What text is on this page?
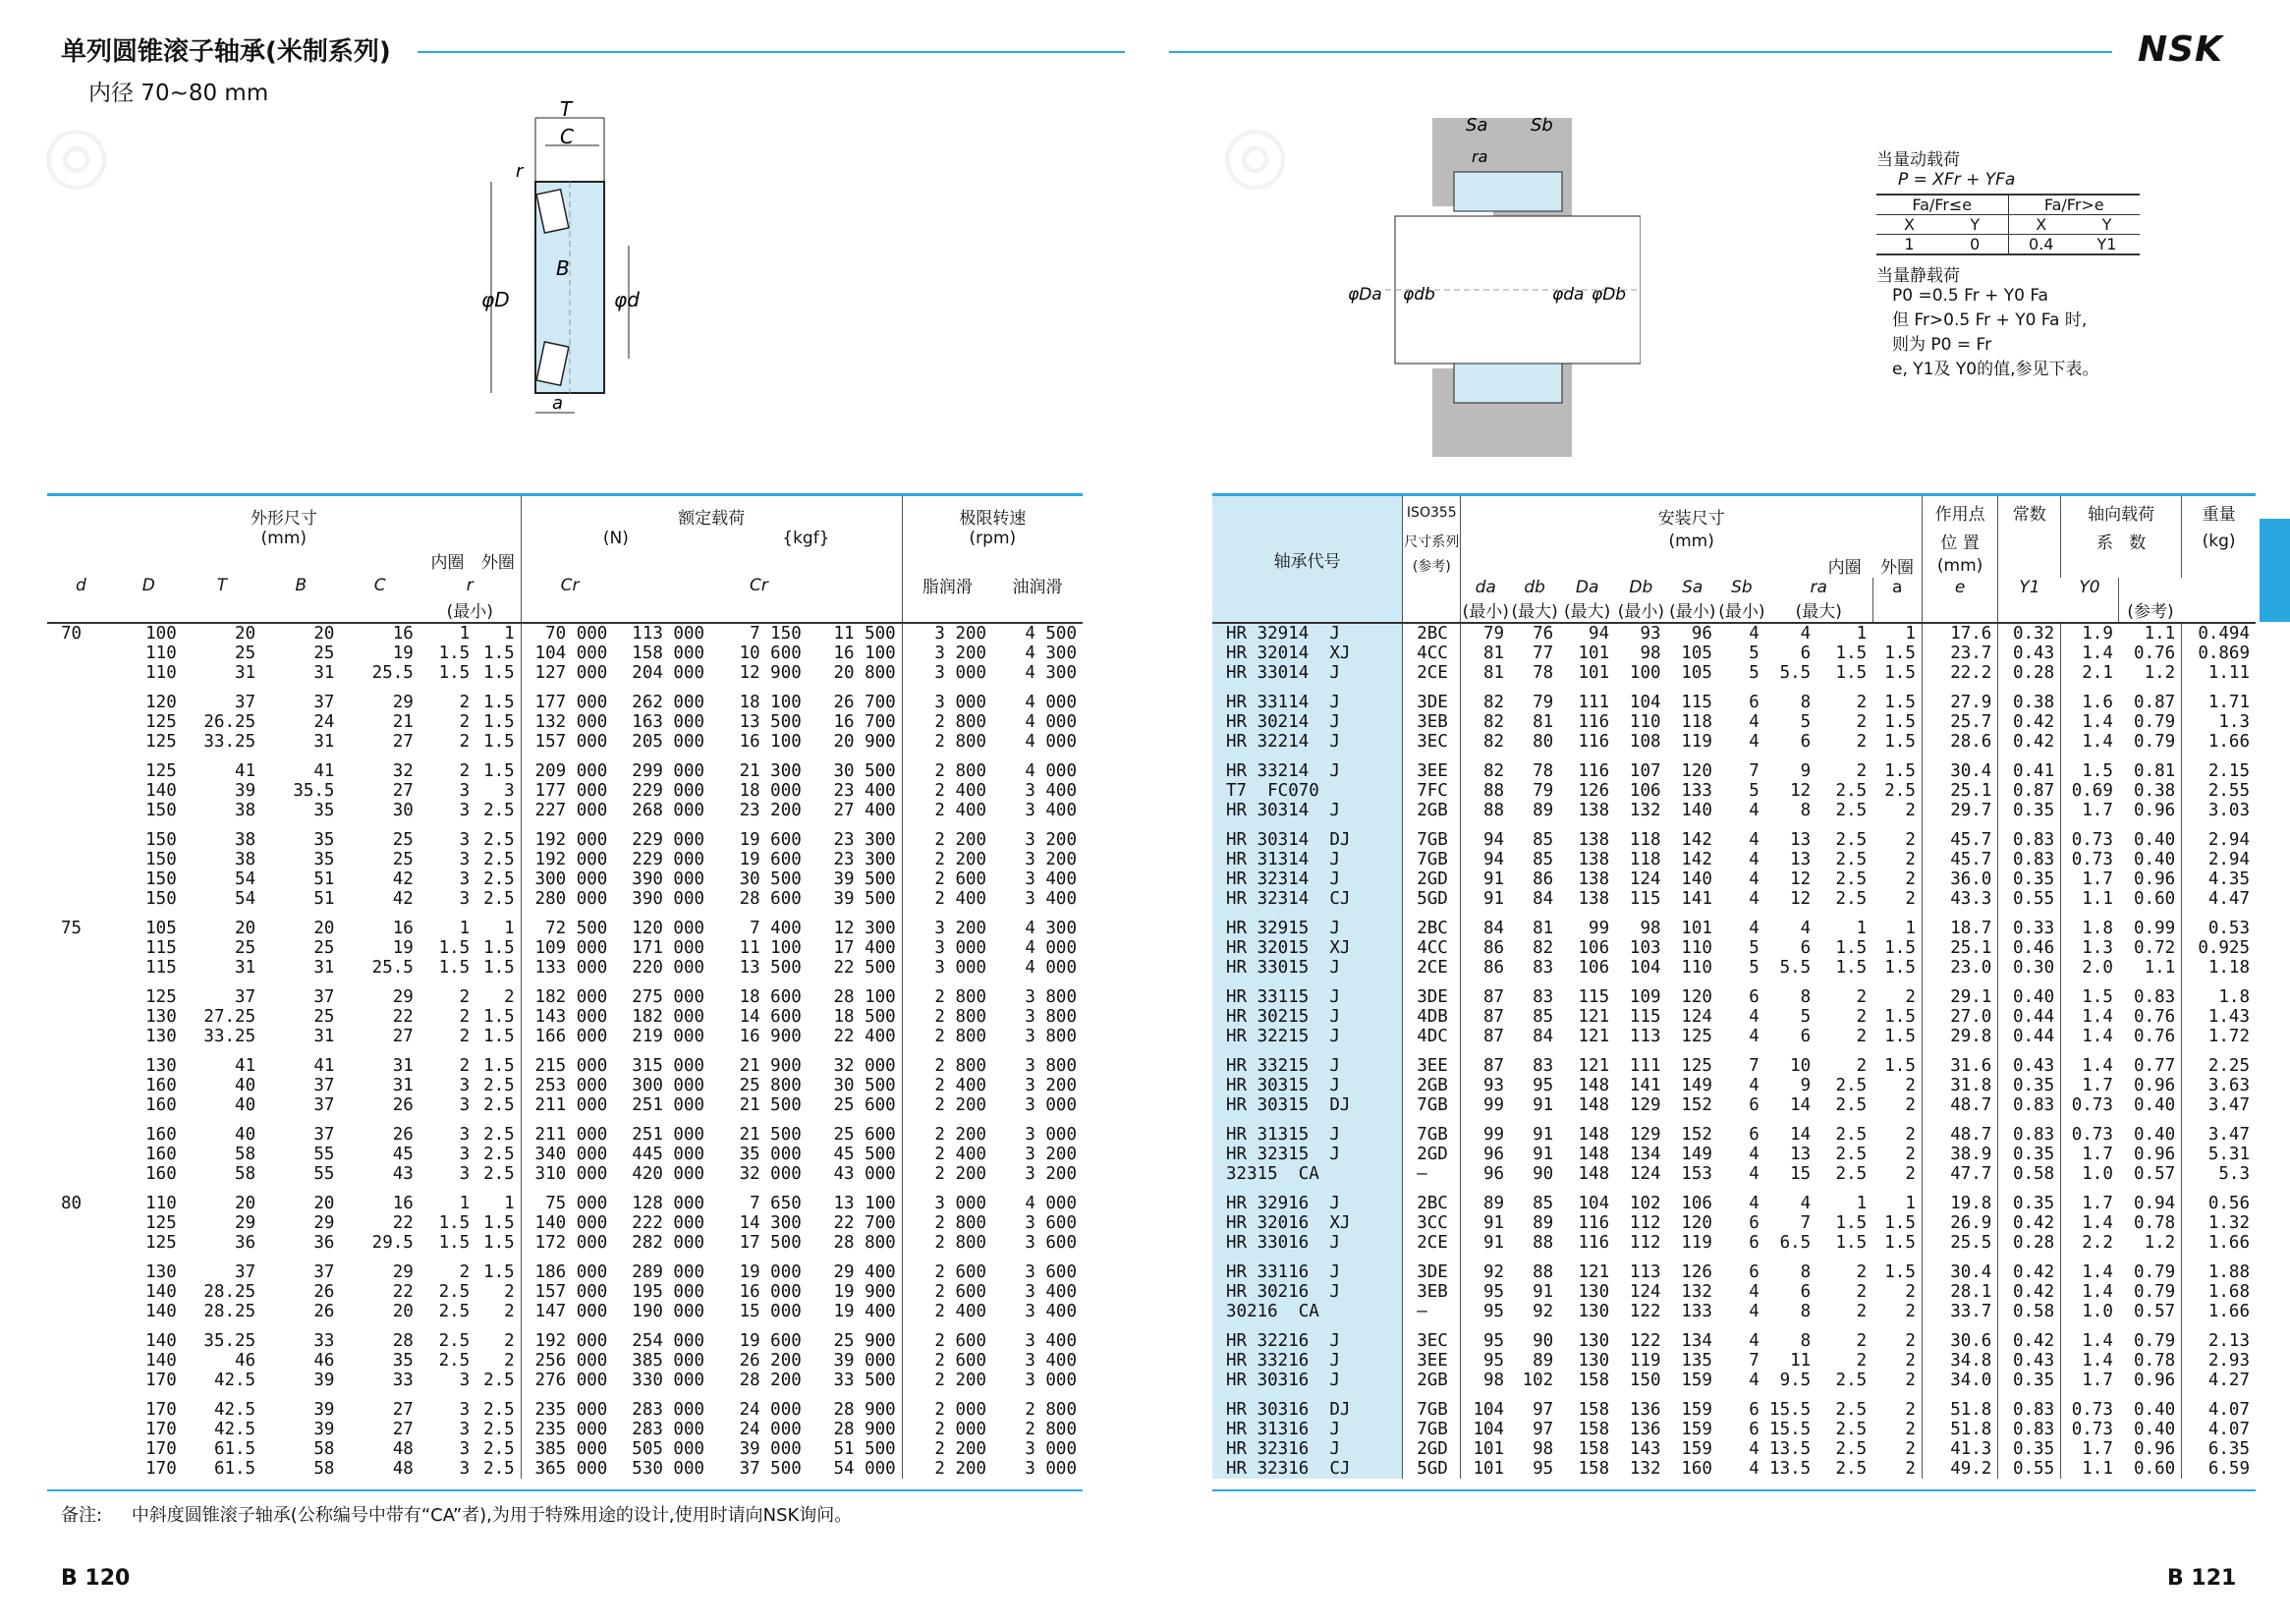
◎	◎
单列圆锥滚子轴承(米制系列)
内径 70~80 mm
NSK
T
C
r
B
φD	φd
a
Sa Sb
ra
φDa φdb	φda φDb
当量动载荷
P = XFr + YFa
Fa/Fr≤e		Fa/Fr>e	
X	Y	X	Y
1	0	0.4	Y1
当量静载荷
P0 =0.5 Fr + Y0 Fa
但 Fr>0.5 Fr + Y0 Fa 时,
则为 P0 = Fr
e, Y1及 Y0的值,参见下表。
外形尺寸							额定载荷				极限转速	
(mm)							(N)		{kgf}		(rpm)	
					内圈	外圈						
d	D	T	B	C	r		Cr		Cr		脂润滑	油润滑
					(最小)							
70	100	20	20	16	1	1	70 000	113 000	7 150	11 500	3 200	4 500
	110	25	25	19	1.5	1.5	104 000	158 000	10 600	16 100	3 200	4 300
	110	31	31	25.5	1.5	1.5	127 000	204 000	12 900	20 800	3 000	4 300

	120	37	37	29	2	1.5	177 000	262 000	18 100	26 700	3 000	4 000
	125	26.25	24	21	2	1.5	132 000	163 000	13 500	16 700	2 800	4 000
	125	33.25	31	27	2	1.5	157 000	205 000	16 100	20 900	2 800	4 000

	125	41	41	32	2	1.5	209 000	299 000	21 300	30 500	2 800	4 000
	140	39	35.5	27	3	3	177 000	229 000	18 000	23 400	2 400	3 400
	150	38	35	30	3	2.5	227 000	268 000	23 200	27 400	2 400	3 400

	150	38	35	25	3	2.5	192 000	229 000	19 600	23 300	2 200	3 200
	150	38	35	25	3	2.5	192 000	229 000	19 600	23 300	2 200	3 200
	150	54	51	42	3	2.5	300 000	390 000	30 500	39 500	2 600	3 400
	150	54	51	42	3	2.5	280 000	390 000	28 600	39 500	2 400	3 400

75	105	20	20	16	1	1	72 500	120 000	7 400	12 300	3 200	4 300
	115	25	25	19	1.5	1.5	109 000	171 000	11 100	17 400	3 000	4 000
	115	31	31	25.5	1.5	1.5	133 000	220 000	13 500	22 500	3 000	4 000

	125	37	37	29	2	2	182 000	275 000	18 600	28 100	2 800	3 800
	130	27.25	25	22	2	1.5	143 000	182 000	14 600	18 500	2 800	3 800
	130	33.25	31	27	2	1.5	166 000	219 000	16 900	22 400	2 800	3 800

	130	41	41	31	2	1.5	215 000	315 000	21 900	32 000	2 800	3 800
	160	40	37	31	3	2.5	253 000	300 000	25 800	30 500	2 400	3 200
	160	40	37	26	3	2.5	211 000	251 000	21 500	25 600	2 200	3 000

	160	40	37	26	3	2.5	211 000	251 000	21 500	25 600	2 200	3 000
	160	58	55	45	3	2.5	340 000	445 000	35 000	45 500	2 400	3 200
	160	58	55	43	3	2.5	310 000	420 000	32 000	43 000	2 200	3 200

80	110	20	20	16	1	1	75 000	128 000	7 650	13 100	3 000	4 000
	125	29	29	22	1.5	1.5	140 000	222 000	14 300	22 700	2 800	3 600
	125	36	36	29.5	1.5	1.5	172 000	282 000	17 500	28 800	2 800	3 600

	130	37	37	29	2	1.5	186 000	289 000	19 000	29 400	2 600	3 600
	140	28.25	26	22	2.5	2	157 000	195 000	16 000	19 900	2 600	3 400
	140	28.25	26	20	2.5	2	147 000	190 000	15 000	19 400	2 400	3 400

	140	35.25	33	28	2.5	2	192 000	254 000	19 600	25 900	2 600	3 400
	140	46	46	35	2.5	2	256 000	385 000	26 200	39 000	2 600	3 400
	170	42.5	39	33	3	2.5	276 000	330 000	28 200	33 500	2 200	3 000

	170	42.5	39	27	3	2.5	235 000	283 000	24 000	28 900	2 000	2 800
	170	42.5	39	27	3	2.5	235 000	283 000	24 000	28 900	2 000	2 800
	170	61.5	58	48	3	2.5	385 000	505 000	39 000	51 500	2 200	3 000
	170	61.5	58	48	3	2.5	365 000	530 000	37 500	54 000	2 200	3 000
轴承代号	ISO355	安装尺寸									作用点	常数	轴向载荷		重量
	尺寸系列	(mm)									位 置		系   数		(kg)
	(参考)								内圈	外圈	(mm)				
		da	db	Da	Db	Sa	Sb	ra		a	e	Y1	Y0		
		(最小)	(最大)	(最大)	(最小)	(最小)	(最小)	(最大)						(参考)	
HR 32914  J	2BC	79	76	94	93	96	4	4	1	1	17.6	0.32	1.9	1.1	0.494
HR 32014  XJ	4CC	81	77	101	98	105	5	6	1.5	1.5	23.7	0.43	1.4	0.76	0.869
HR 33014  J	2CE	81	78	101	100	105	5	5.5	1.5	1.5	22.2	0.28	2.1	1.2	1.11

HR 33114  J	3DE	82	79	111	104	115	6	8	2	1.5	27.9	0.38	1.6	0.87	1.71
HR 30214  J	3EB	82	81	116	110	118	4	5	2	1.5	25.7	0.42	1.4	0.79	1.3
HR 32214  J	3EC	82	80	116	108	119	4	6	2	1.5	28.6	0.42	1.4	0.79	1.66

HR 33214  J	3EE	82	78	116	107	120	7	9	2	1.5	30.4	0.41	1.5	0.81	2.15
T7  FC070	7FC	88	79	126	106	133	5	12	2.5	2.5	25.1	0.87	0.69	0.38	2.55
HR 30314  J	2GB	88	89	138	132	140	4	8	2.5	2	29.7	0.35	1.7	0.96	3.03

HR 30314  DJ	7GB	94	85	138	118	142	4	13	2.5	2	45.7	0.83	0.73	0.40	2.94
HR 31314  J	7GB	94	85	138	118	142	4	13	2.5	2	45.7	0.83	0.73	0.40	2.94
HR 32314  J	2GD	91	86	138	124	140	4	12	2.5	2	36.0	0.35	1.7	0.96	4.35
HR 32314  CJ	5GD	91	84	138	115	141	4	12	2.5	2	43.3	0.55	1.1	0.60	4.47

HR 32915  J	2BC	84	81	99	98	101	4	4	1	1	18.7	0.33	1.8	0.99	0.53
HR 32015  XJ	4CC	86	82	106	103	110	5	6	1.5	1.5	25.1	0.46	1.3	0.72	0.925
HR 33015  J	2CE	86	83	106	104	110	5	5.5	1.5	1.5	23.0	0.30	2.0	1.1	1.18

HR 33115  J	3DE	87	83	115	109	120	6	8	2	2	29.1	0.40	1.5	0.83	1.8
HR 30215  J	4DB	87	85	121	115	124	4	5	2	1.5	27.0	0.44	1.4	0.76	1.43
HR 32215  J	4DC	87	84	121	113	125	4	6	2	1.5	29.8	0.44	1.4	0.76	1.72

HR 33215  J	3EE	87	83	121	111	125	7	10	2	1.5	31.6	0.43	1.4	0.77	2.25
HR 30315  J	2GB	93	95	148	141	149	4	9	2.5	2	31.8	0.35	1.7	0.96	3.63
HR 30315  DJ	7GB	99	91	148	129	152	6	14	2.5	2	48.7	0.83	0.73	0.40	3.47

HR 31315  J	7GB	99	91	148	129	152	6	14	2.5	2	48.7	0.83	0.73	0.40	3.47
HR 32315  J	2GD	96	91	148	134	149	4	13	2.5	2	38.9	0.35	1.7	0.96	5.31
32315  CA	–	96	90	148	124	153	4	15	2.5	2	47.7	0.58	1.0	0.57	5.3

HR 32916  J	2BC	89	85	104	102	106	4	4	1	1	19.8	0.35	1.7	0.94	0.56
HR 32016  XJ	3CC	91	89	116	112	120	6	7	1.5	1.5	26.9	0.42	1.4	0.78	1.32
HR 33016  J	2CE	91	88	116	112	119	6	6.5	1.5	1.5	25.5	0.28	2.2	1.2	1.66

HR 33116  J	3DE	92	88	121	113	126	6	8	2	1.5	30.4	0.42	1.4	0.79	1.88
HR 30216  J	3EB	95	91	130	124	132	4	6	2	2	28.1	0.42	1.4	0.79	1.68
30216  CA	–	95	92	130	122	133	4	8	2	2	33.7	0.58	1.0	0.57	1.66

HR 32216  J	3EC	95	90	130	122	134	4	8	2	2	30.6	0.42	1.4	0.79	2.13
HR 33216  J	3EE	95	89	130	119	135	7	11	2	2	34.8	0.43	1.4	0.78	2.93
HR 30316  J	2GB	98	102	158	150	159	4	9.5	2.5	2	34.0	0.35	1.7	0.96	4.27

HR 30316  DJ	7GB	104	97	158	136	159	6	15.5	2.5	2	51.8	0.83	0.73	0.40	4.07
HR 31316  J	7GB	104	97	158	136	159	6	15.5	2.5	2	51.8	0.83	0.73	0.40	4.07
HR 32316  J	2GD	101	98	158	143	159	4	13.5	2.5	2	41.3	0.35	1.7	0.96	6.35
HR 32316  CJ	5GD	101	95	158	132	160	4	13.5	2.5	2	49.2	0.55	1.1	0.60	6.59
备注: 中斜度圆锥滚子轴承(公称编号中带有“CA”者),为用于特殊用途的设计,使用时请向NSK询问。
B 120	B 121
